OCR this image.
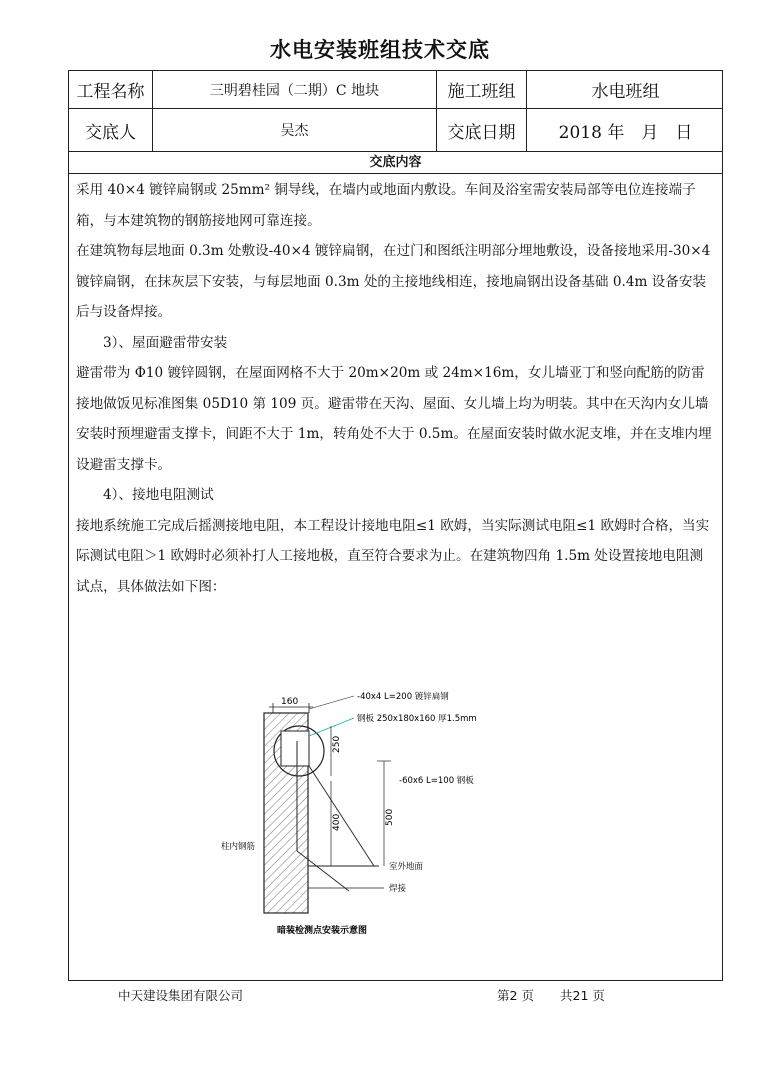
水电安装班组技术交底
工程名称	三明碧桂园（二期）C 地块	施工班组	水电班组
交底人	吴杰	交底日期	2018 年　月　日
交底内容

采用 40×4 镀锌扁钢或 25mm² 铜导线，在墙内或地面内敷设。车间及浴室需安装局部等电位连接端子箱，与本建筑物的钢筋接地网可靠连接。

在建筑物每层地面 0.3m 处敷设-40×4 镀锌扁钢，在过门和图纸注明部分埋地敷设，设备接地采用-30×4 镀锌扁钢，在抹灰层下安装，与每层地面 0.3m 处的主接地线相连，接地扁钢出设备基础 0.4m 设备安装后与设备焊接。

3）、屋面避雷带安装

避雷带为 Φ10 镀锌圆钢，在屋面网格不大于 20m×20m 或 24m×16m，女儿墙亚丁和竖向配筋的防雷接地做饭见标准图集 05D10 第 109 页。避雷带在天沟、屋面、女儿墙上均为明装。其中在天沟内女儿墙安装时预埋避雷支撑卡，间距不大于 1m，转角处不大于 0.5m。在屋面安装时做水泥支堆，并在支堆内埋设避雷支撑卡。

4）、接地电阻测试

接地系统施工完成后摇测接地电阻，本工程设计接地电阻≤1 欧姆，当实际测试电阻≤1 欧姆时合格，当实际测试电阻＞1 欧姆时必须补打人工接地极，直至符合要求为止。在建筑物四角 1.5m 处设置接地电阻测试点，具体做法如下图：

160	-40x4 L=200 镀锌扁钢
钢板 250x180x160 厚1.5mm
250
400	500
-60x6 L=100 钢板
室外地面
焊接
柱内钢筋
暗装检测点安装示意图
中天建设集团有限公司	第2 页 共21 页
